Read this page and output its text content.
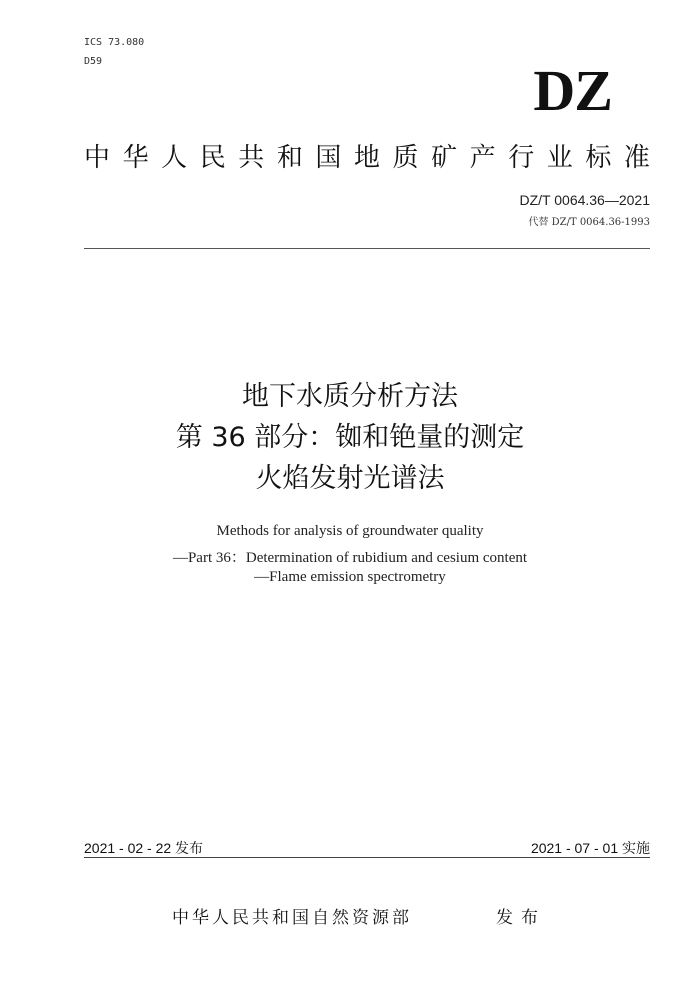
ICS 73.080
D59	DZ
中 华 人 民 共 和 国 地 质 矿 产 行 业 标 准
DZ/T 0064.36—2021
代替 DZ/T 0064.36-1993
地下水质分析方法
第 36 部分：铷和铯量的测定
火焰发射光谱法
Methods for analysis of groundwater quality
—Part 36：Determination of rubidium and cesium content
—Flame emission spectrometry
2021 - 02 - 22 发布	2021 - 07 - 01 实施
中华人民共和国自然资源部	发布
